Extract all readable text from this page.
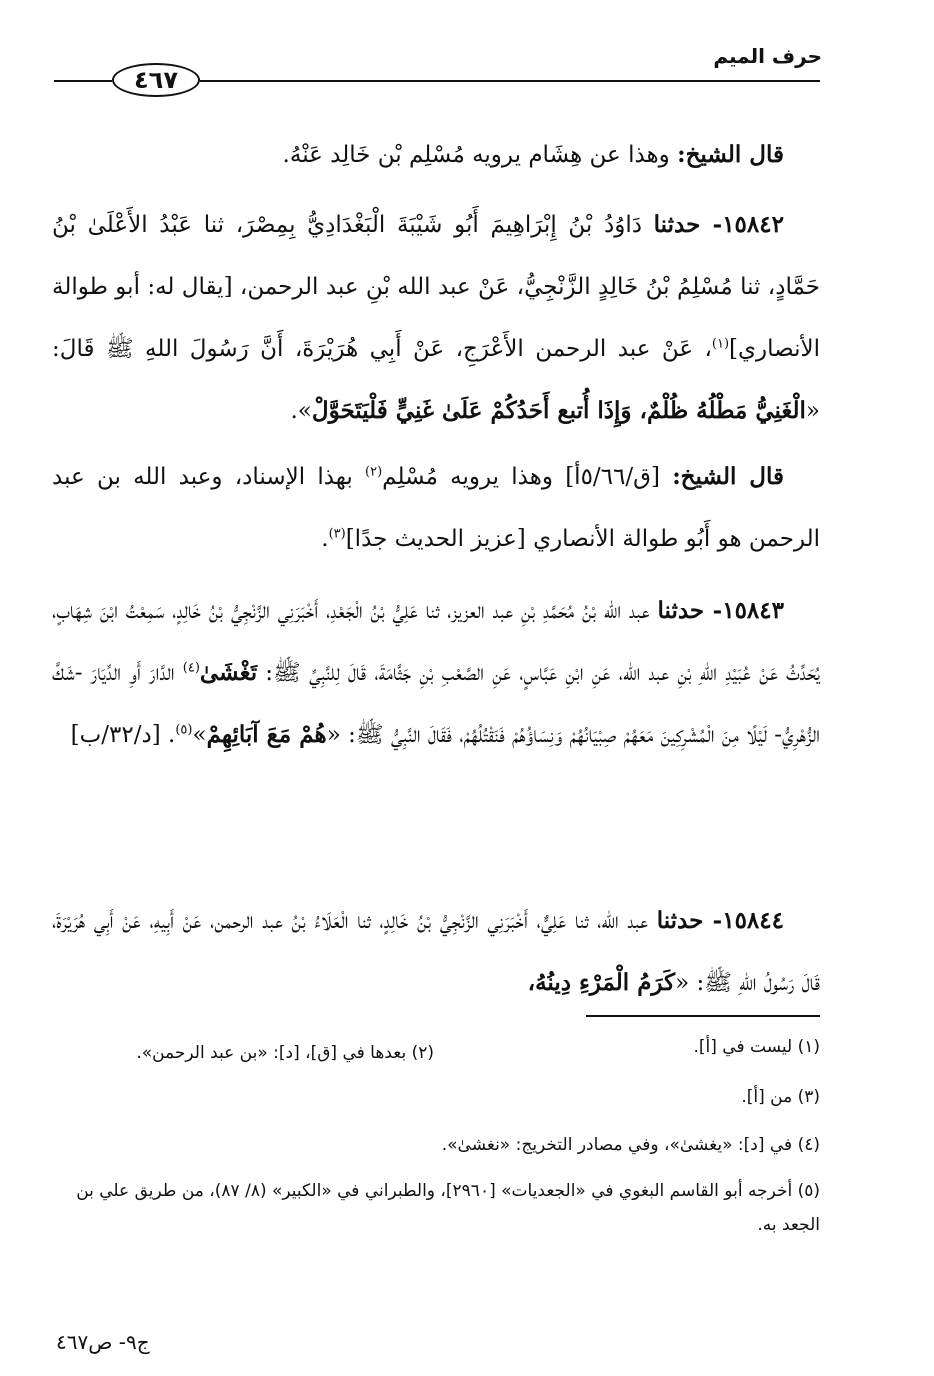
حرف الميم
٤٦٧

قال الشيخ: وهذا عن هِشَام يرويه مُسْلِم بْن خَالِد عَنْهُ.

١٥٨٤٢- حدثنا دَاوُدُ بْنُ إِبْرَاهِيمَ أَبُو شَيْبَةَ الْبَغْدَادِيُّ بِمِصْرَ، ثنا عَبْدُ الأَعْلَىٰ بْنُ حَمَّادٍ، ثنا مُسْلِمُ بْنُ خَالِدٍ الزَّنْجِيُّ، عَنْ عبد الله بْنِ عبد الرحمن، [يقال له: أبو طوالة الأنصاري]$^{(١)}$، عَنْ عبد الرحمن الأَعْرَجِ، عَنْ أَبِي هُرَيْرَةَ، أَنَّ رَسُولَ اللهِ ﷺ قَالَ: «الْغَنِيُّ مَطْلُهُ ظُلْمٌ، وَإِذَا أُتبع أَحَدُكُمْ عَلَىٰ غَنِيٍّ فَلْيَتَحَوَّلْ».

قال الشيخ: [ق/٥/٦٦أ] وهذا يرويه مُسْلِم$^{(٢)}$ بهذا الإسناد، وعبد الله بن عبد الرحمن هو أَبُو طوالة الأنصاري [عزيز الحديث جدًا]$^{(٣)}$.

١٥٨٤٣- حدثنا عبد الله بْنُ مُحَمَّدِ بْنِ عبد العزيز، ثنا عَلِيُّ بْنُ الْجَعْدِ، أَخْبَرَنِي الزَّنْجِيُّ بْنُ خَالِدٍ، سَمِعْتُ ابْنَ شِهَابٍ، يُحَدِّثُ عَنْ عُبَيْدِ اللهِ بْنِ عبد الله، عَنِ ابْنِ عَبَّاسٍ، عَنِ الصَّعْبِ بْنِ جَثَّامَةَ، قَالَ لِلنَّبِيِّ ﷺ: تَغْشَىٰ$^{(٤)}$ الدَّارَ أَوِ الدِّيَارَ -شَكَّ الزُّهْرِيُّ- لَيْلًا مِنَ الْمُشْرِكِينَ مَعَهُمْ صِبْيَانُهُمْ وَنِسَاؤُهُمْ فَنَقْتُلُهُمْ، فَقَالَ النَّبِيُّ ﷺ: «هُمْ مَعَ آبَائِهِمْ»$^{(٥)}$. [د/٣٢/ب]

١٥٨٤٤- حدثنا عبد الله، ثنا عَلِيٌّ، أَخْبَرَنِي الزَّنْجِيُّ بْنُ خَالِدٍ، ثنا الْعَلَاءُ بْنُ عبد الرحمن، عَنْ أَبِيهِ، عَنْ أَبِي هُرَيْرَةَ، قَالَ رَسُولُ اللهِ ﷺ: «كَرَمُ الْمَرْءِ دِينُهُ،

(١) ليست في [أ].
(٢) بعدها في [ق]، [د]: «بن عبد الرحمن».
(٣) من [أ].
(٤) في [د]: «يغشىٰ»، وفي مصادر التخريج: «نغشىٰ».
(٥) أخرجه أبو القاسم البغوي في «الجعديات» [٢٩٦٠]، والطبراني في «الكبير» (٨/ ٨٧)، من طريق علي بن الجعد به.
ج٩- ص٤٦٧
